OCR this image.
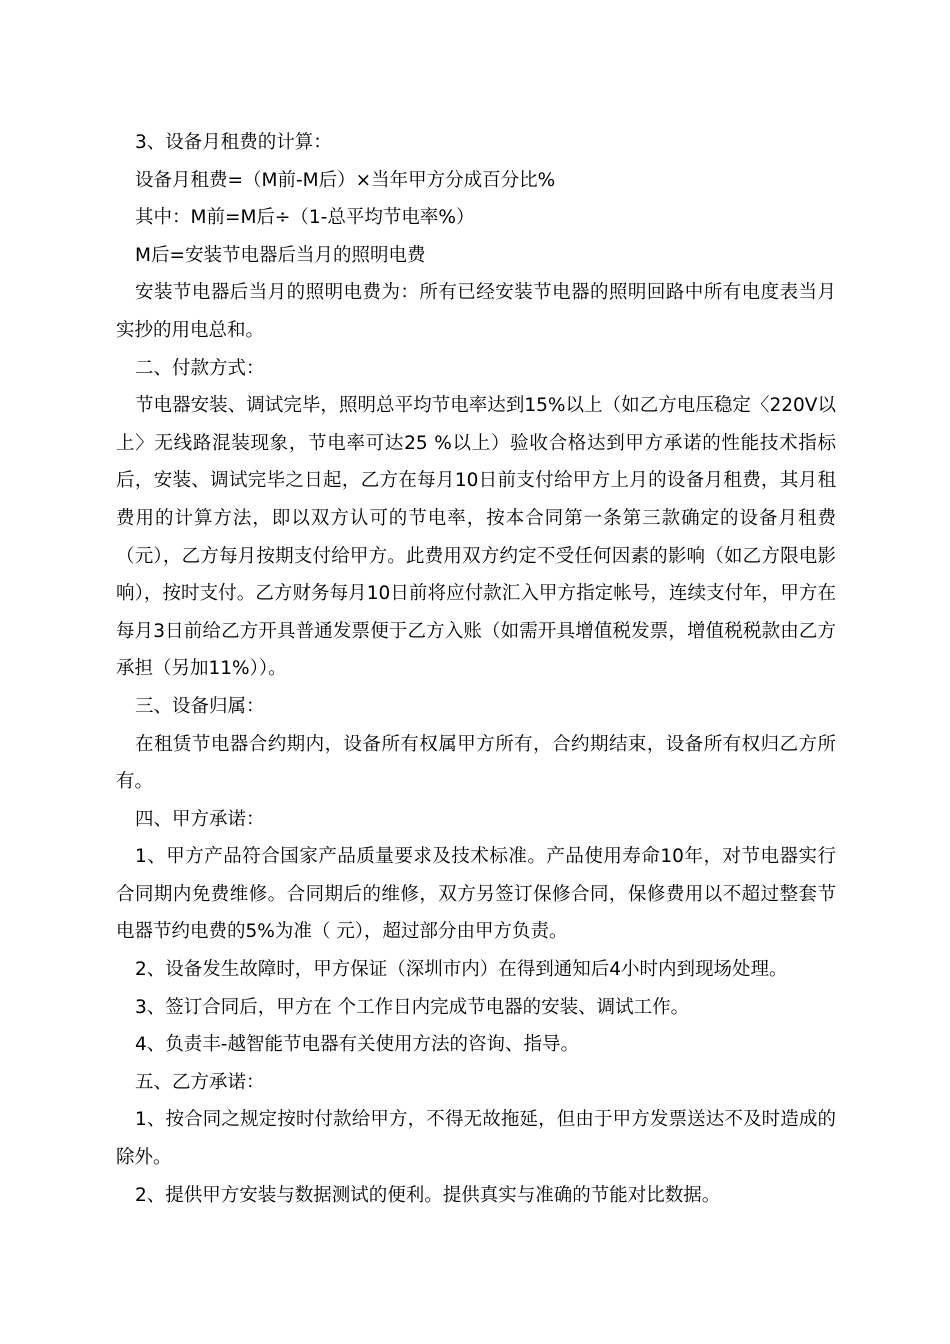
3、设备月租费的计算：

设备月租费=（M前-M后）×当年甲方分成百分比%

其中：M前=M后÷（1-总平均节电率%）

M后=安装节电器后当月的照明电费

安装节电器后当月的照明电费为：所有已经安装节电器的照明回路中所有电度表当月实抄的用电总和。

二、付款方式：

节电器安装、调试完毕，照明总平均节电率达到15%以上（如乙方电压稳定〈220V以上〉无线路混装现象，节电率可达25 %以上）验收合格达到甲方承诺的性能技术指标后，安装、调试完毕之日起，乙方在每月10日前支付给甲方上月的设备月租费，其月租费用的计算方法，即以双方认可的节电率，按本合同第一条第三款确定的设备月租费（元），乙方每月按期支付给甲方。此费用双方约定不受任何因素的影响（如乙方限电影响），按时支付。乙方财务每月10日前将应付款汇入甲方指定帐号，连续支付年，甲方在每月3日前给乙方开具普通发票便于乙方入账（如需开具增值税发票，增值税税款由乙方承担（另加11%））。

三、设备归属：

在租赁节电器合约期内，设备所有权属甲方所有，合约期结束，设备所有权归乙方所有。

四、甲方承诺：

1、甲方产品符合国家产品质量要求及技术标准。产品使用寿命10年，对节电器实行合同期内免费维修。合同期后的维修，双方另签订保修合同，保修费用以不超过整套节电器节约电费的5%为准（ 元），超过部分由甲方负责。

2、设备发生故障时，甲方保证（深圳市内）在得到通知后4小时内到现场处理。

3、签订合同后，甲方在 个工作日内完成节电器的安装、调试工作。

4、负责丰-越智能节电器有关使用方法的咨询、指导。

五、乙方承诺：

1、按合同之规定按时付款给甲方，不得无故拖延，但由于甲方发票送达不及时造成的除外。

2、提供甲方安装与数据测试的便利。提供真实与准确的节能对比数据。
